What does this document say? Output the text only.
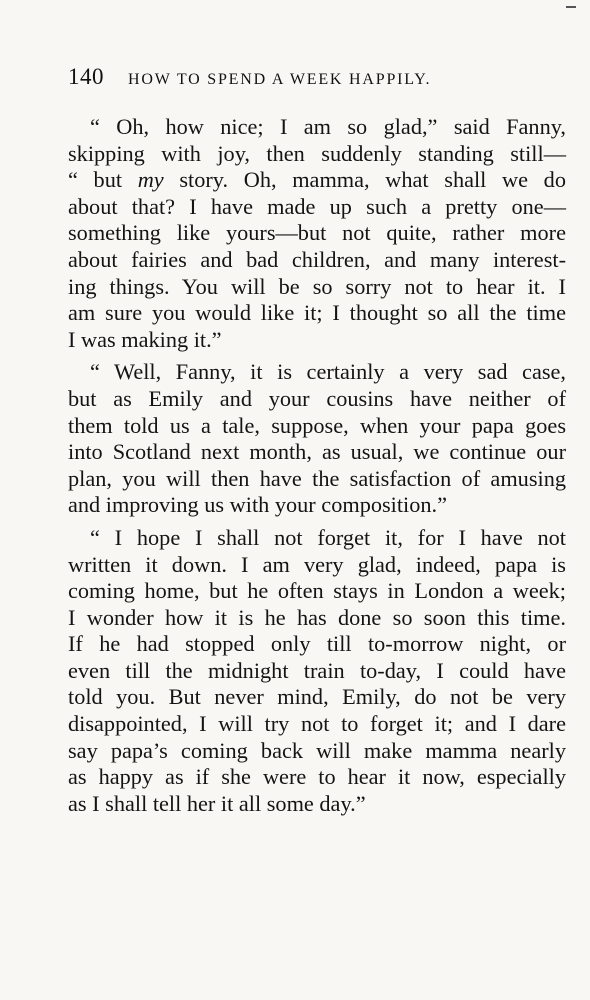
140 HOW TO SPEND A WEEK HAPPILY.
“ Oh, how nice; I am so glad,” said Fanny,
skipping with joy, then suddenly standing still—
“ but my story. Oh, mamma, what shall we do
about that? I have made up such a pretty one—
something like yours—but not quite, rather more
about fairies and bad children, and many interest-
ing things. You will be so sorry not to hear it. I
am sure you would like it; I thought so all the time
I was making it.”
“ Well, Fanny, it is certainly a very sad case,
but as Emily and your cousins have neither of
them told us a tale, suppose, when your papa goes
into Scotland next month, as usual, we continue our
plan, you will then have the satisfaction of amusing
and improving us with your composition.”
“ I hope I shall not forget it, for I have not
written it down. I am very glad, indeed, papa is
coming home, but he often stays in London a week;
I wonder how it is he has done so soon this time.
If he had stopped only till to-morrow night, or
even till the midnight train to-day, I could have
told you. But never mind, Emily, do not be very
disappointed, I will try not to forget it; and I dare
say papa’s coming back will make mamma nearly
as happy as if she were to hear it now, especially
as I shall tell her it all some day.”
